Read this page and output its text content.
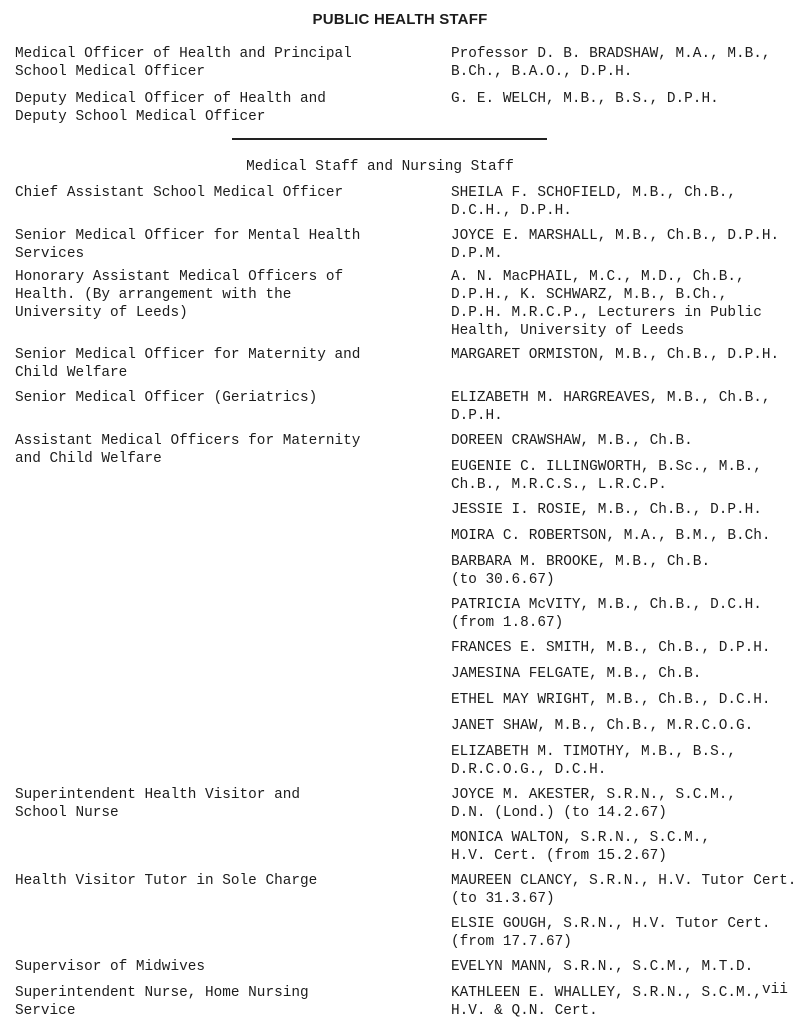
PUBLIC HEALTH STAFF

Medical Officer of Health and Principal
School Medical Officer

Professor D. B. BRADSHAW, M.A., M.B.,
B.Ch., B.A.O., D.P.H.

Deputy Medical Officer of Health and
Deputy School Medical Officer

G. E. WELCH, M.B., B.S., D.P.H.

Medical Staff and Nursing Staff

Chief Assistant School Medical Officer

Senior Medical Officer for Mental Health
Services

Honorary Assistant Medical Officers of
Health. (By arrangement with the
University of Leeds)

Senior Medical Officer for Maternity and
Child Welfare

Senior Medical Officer (Geriatrics)

Assistant Medical Officers for Maternity
and Child Welfare

Superintendent Health Visitor and
School Nurse

Health Visitor Tutor in Sole Charge

Supervisor of Midwives

Superintendent Nurse, Home Nursing
Service

SHEILA F. SCHOFIELD, M.B., Ch.B.,
D.C.H., D.P.H.

JOYCE E. MARSHALL, M.B., Ch.B., D.P.H.
D.P.M.

A. N. MacPHAIL, M.C., M.D., Ch.B.,
D.P.H., K. SCHWARZ, M.B., B.Ch.,
D.P.H. M.R.C.P., Lecturers in Public
Health, University of Leeds

MARGARET ORMISTON, M.B., Ch.B., D.P.H.

ELIZABETH M. HARGREAVES, M.B., Ch.B.,
D.P.H.

DOREEN CRAWSHAW, M.B., Ch.B.

EUGENIE C. ILLINGWORTH, B.Sc., M.B.,
Ch.B., M.R.C.S., L.R.C.P.

JESSIE I. ROSIE, M.B., Ch.B., D.P.H.

MOIRA C. ROBERTSON, M.A., B.M., B.Ch.

BARBARA M. BROOKE, M.B., Ch.B.
(to 30.6.67)

PATRICIA McVITY, M.B., Ch.B., D.C.H.
(from 1.8.67)

FRANCES E. SMITH, M.B., Ch.B., D.P.H.

JAMESINA FELGATE, M.B., Ch.B.

ETHEL MAY WRIGHT, M.B., Ch.B., D.C.H.

JANET SHAW, M.B., Ch.B., M.R.C.O.G.

ELIZABETH M. TIMOTHY, M.B., B.S.,
D.R.C.O.G., D.C.H.

JOYCE M. AKESTER, S.R.N., S.C.M.,
D.N. (Lond.) (to 14.2.67)

MONICA WALTON, S.R.N., S.C.M.,
H.V. Cert. (from 15.2.67)

MAUREEN CLANCY, S.R.N., H.V. Tutor Cert.
(to 31.3.67)

ELSIE GOUGH, S.R.N., H.V. Tutor Cert.
(from 17.7.67)

EVELYN MANN, S.R.N., S.C.M., M.T.D.

KATHLEEN E. WHALLEY, S.R.N., S.C.M.,
H.V. & Q.N. Cert.

vii
